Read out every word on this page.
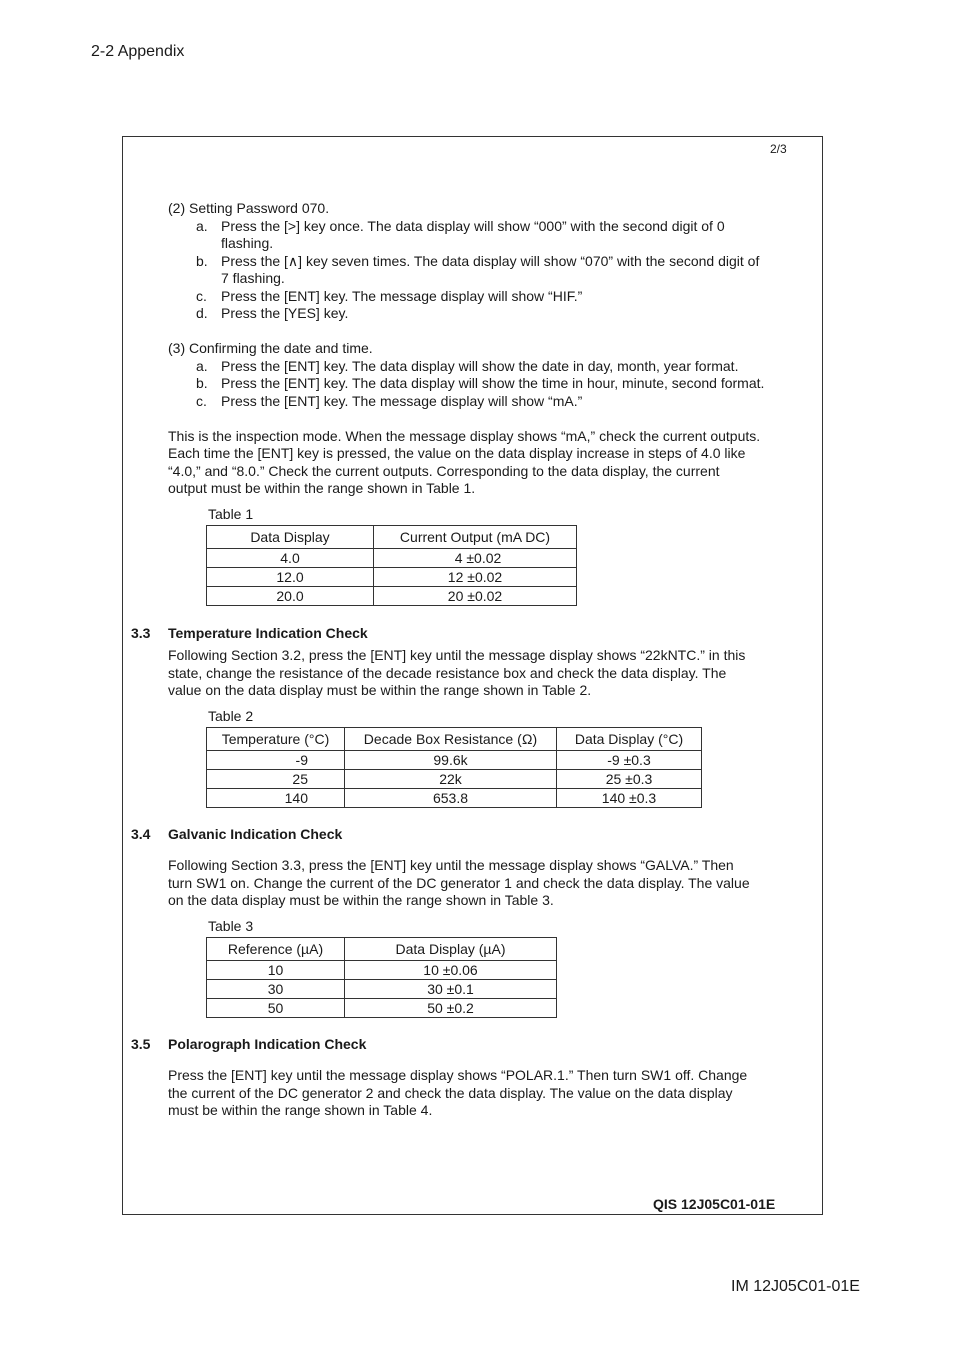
2-2 Appendix
2/3
(2) Setting Password 070.
a. Press the [>] key once. The data display will show “000” with the second digit of 0
flashing.
b. Press the [∧] key seven times. The data display will show “070” with the second digit of
7 flashing.
c. Press the [ENT] key. The message display will show “HIF.”
d. Press the [YES] key.
(3) Confirming the date and time.
a. Press the [ENT] key. The data display will show the date in day, month, year format.
b. Press the [ENT] key. The data display will show the time in hour, minute, second format.
c. Press the [ENT] key. The message display will show “mA.”
This is the inspection mode. When the message display shows “mA,” check the current outputs.
Each time the [ENT] key is pressed, the value on the data display increase in steps of 4.0 like
“4.0,” and “8.0.” Check the current outputs. Corresponding to the data display, the current
output must be within the range shown in Table 1.
Table 1
Data Display	Current Output (mA DC)
4.0	4 ±0.02
12.0	12 ±0.02
20.0	20 ±0.02
3.3 Temperature Indication Check
Following Section 3.2, press the [ENT] key until the message display shows “22kNTC.” in this
state, change the resistance of the decade resistance box and check the data display. The
value on the data display must be within the range shown in Table 2.
Table 2
Temperature (°C)	Decade Box Resistance (Ω)	Data Display (°C)
-9	99.6k	-9 ±0.3
25	22k	25 ±0.3
140	653.8	140 ±0.3
3.4 Galvanic Indication Check
Following Section 3.3, press the [ENT] key until the message display shows “GALVA.” Then
turn SW1 on. Change the current of the DC generator 1 and check the data display. The value
on the data display must be within the range shown in Table 3.
Table 3
Reference (µA)	Data Display (µA)
10	10 ±0.06
30	30 ±0.1
50	50 ±0.2
3.5 Polarograph Indication Check
Press the [ENT] key until the message display shows “POLAR.1.” Then turn SW1 off. Change
the current of the DC generator 2 and check the data display. The value on the data display
must be within the range shown in Table 4.
QIS 12J05C01-01E
IM 12J05C01-01E
